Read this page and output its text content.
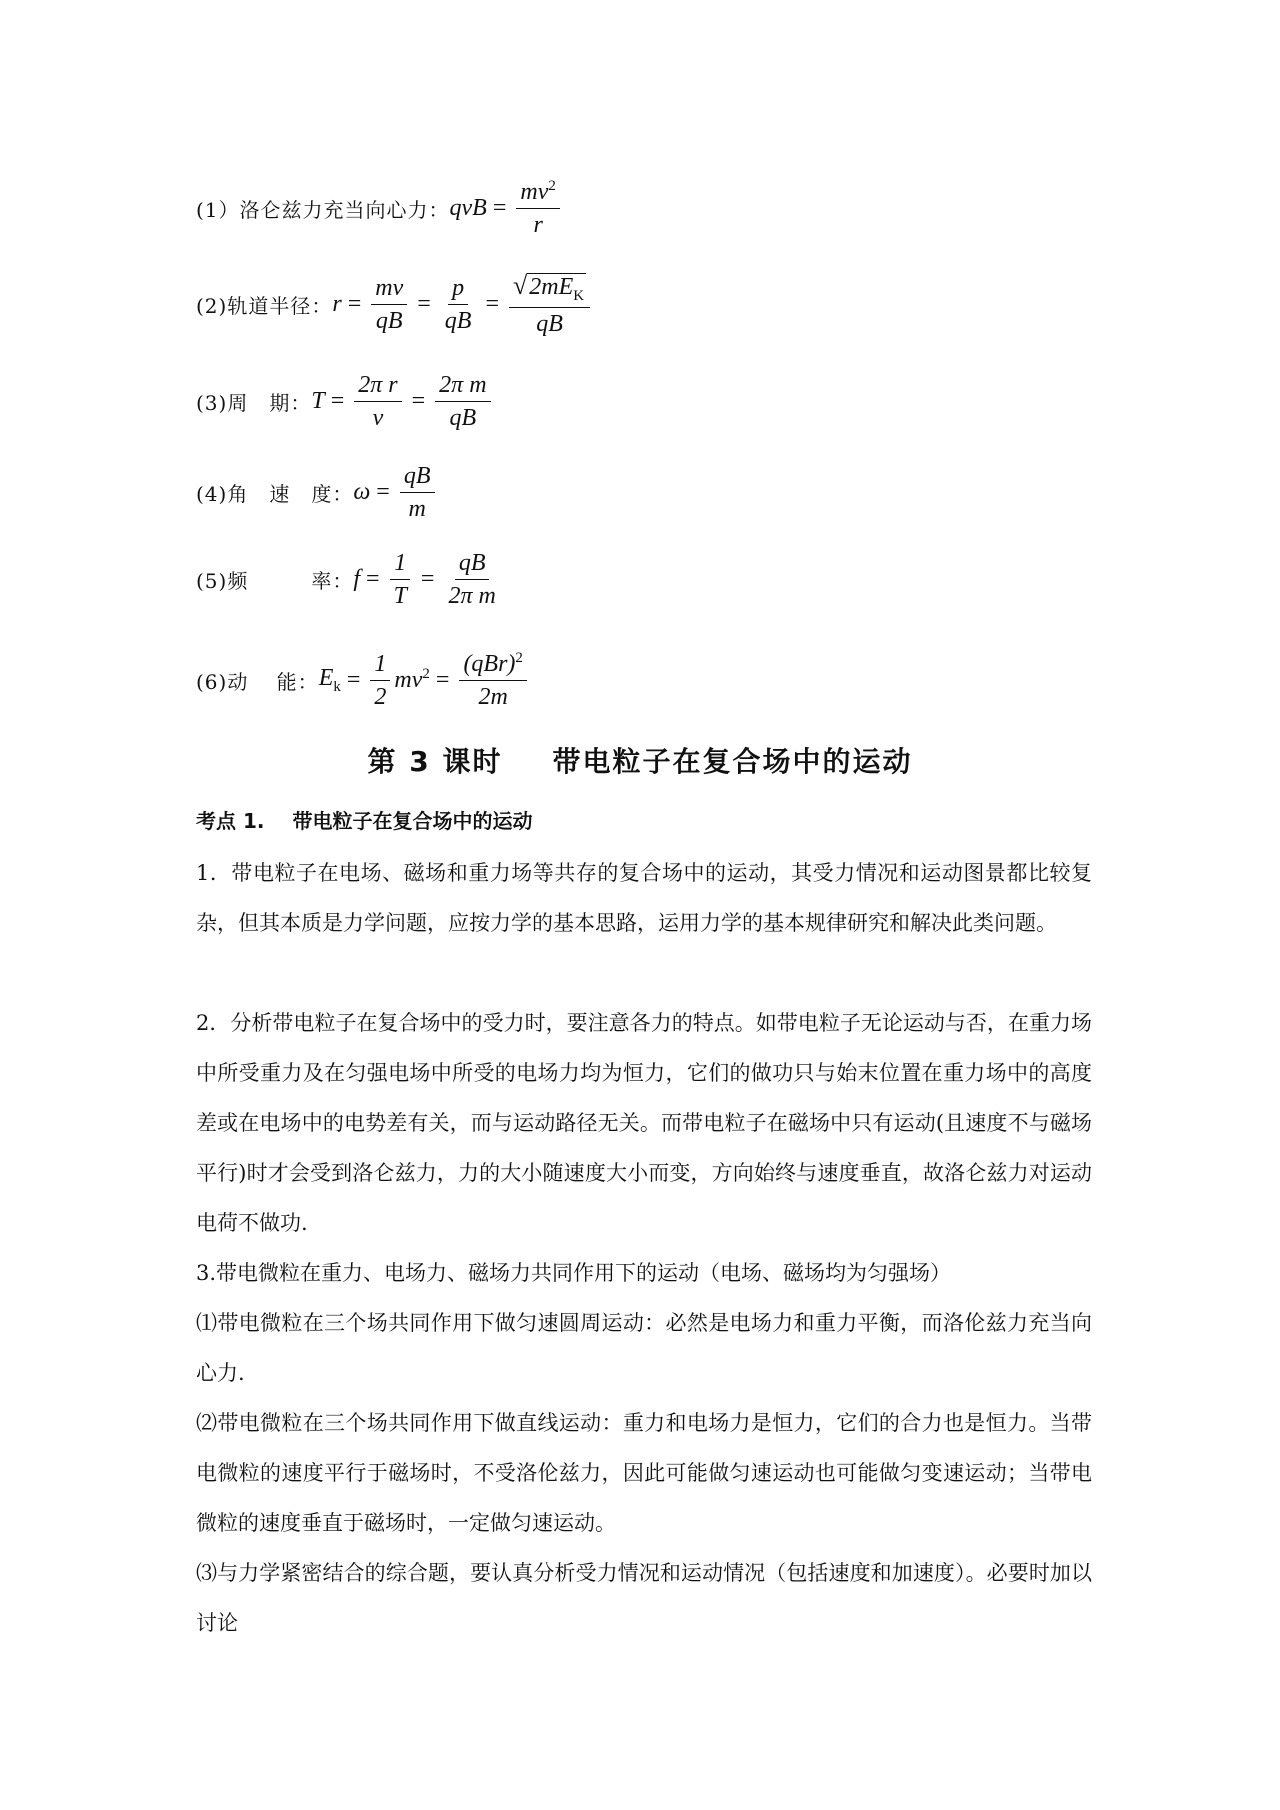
(1）洛仑兹力充当向心力： qvB = $\frac{mv^2}{r}$
(2)轨道半径： $r = \frac{mv}{qB} = \frac{p}{qB} = \frac{√2mE_K}{qB}$
(3)周　期： $T = \frac{\text{2π r}}{v} = \frac{\text{2π m}}{qB}$
(4)角　速　度： $\omega = \frac{qB}{m}$
(5)频　　　率： $f = \frac{1}{T} = \frac{qB}{\text{2π m}}$
(6)动　 能： $E_k = \frac{1}{2} mv^2 = \frac{(qBr)^2}{2m}$
第 3 课时 带电粒子在复合场中的运动
考点 1. 带电粒子在复合场中的运动
1．带电粒子在电场、磁场和重力场等共存的复合场中的运动，其受力情况和运动图景都比较复杂，但其本质是力学问题，应按力学的基本思路，运用力学的基本规律研究和解决此类问题。
2．分析带电粒子在复合场中的受力时，要注意各力的特点。如带电粒子无论运动与否，在重力场中所受重力及在匀强电场中所受的电场力均为恒力，它们的做功只与始末位置在重力场中的高度差或在电场中的电势差有关，而与运动路径无关。而带电粒子在磁场中只有运动(且速度不与磁场平行)时才会受到洛仑兹力，力的大小随速度大小而变，方向始终与速度垂直，故洛仑兹力对运动电荷不做功.
3.带电微粒在重力、电场力、磁场力共同作用下的运动（电场、磁场均为匀强场）
⑴带电微粒在三个场共同作用下做匀速圆周运动：必然是电场力和重力平衡，而洛伦兹力充当向心力.
⑵带电微粒在三个场共同作用下做直线运动：重力和电场力是恒力，它们的合力也是恒力。当带电微粒的速度平行于磁场时，不受洛伦兹力，因此可能做匀速运动也可能做匀变速运动；当带电微粒的速度垂直于磁场时，一定做匀速运动。
⑶与力学紧密结合的综合题，要认真分析受力情况和运动情况（包括速度和加速度）。必要时加以讨论
